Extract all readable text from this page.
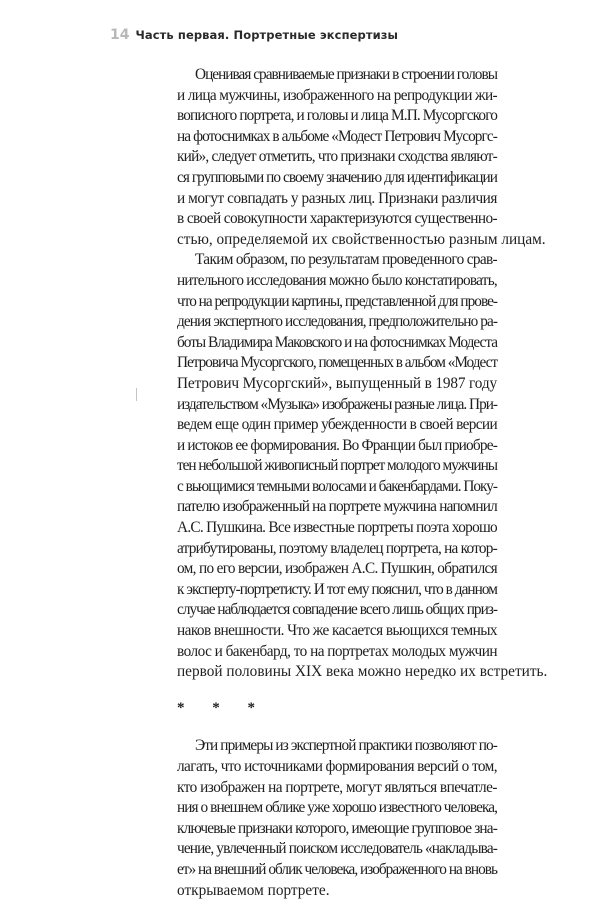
14 Часть первая. Портретные экспертизы

Оценивая сравниваемые признаки в строении головы
и лица мужчины, изображенного на репродукции жи-
вописного портрета, и головы и лица М.П. Мусоргского
на фотоснимках в альбоме «Модест Петрович Мусоргс-
кий», следует отметить, что признаки сходства являют-
ся групповыми по своему значению для идентификации
и могут совпадать у разных лиц. Признаки различия
в своей совокупности характеризуются существенно-
стью, определяемой их свойственностью разным лицам.

Таким образом, по результатам проведенного срав-
нительного исследования можно было констатировать,
что на репродукции картины, представленной для прове-
дения экспертного исследования, предположительно ра-
боты Владимира Маковского и на фотоснимках Модеста
Петровича Мусоргского, помещенных в альбом «Модест
Петрович Мусоргский», выпущенный в 1987 году
издательством «Музыка» изображены разные лица. При-
ведем еще один пример убежденности в своей версии
и истоков ее формирования. Во Франции был приобре-
тен небольшой живописный портрет молодого мужчины
с вьющимися темными волосами и бакенбардами. Поку-
пателю изображенный на портрете мужчина напомнил
А.С. Пушкина. Все известные портреты поэта хорошо
атрибутированы, поэтому владелец портрета, на котор-
ом, по его версии, изображен А.С. Пушкин, обратился
к эксперту-портретисту. И тот ему пояснил, что в данном
случае наблюдается совпадение всего лишь общих приз-
наков внешности. Что же касается вьющихся темных
волос и бакенбард, то на портретах молодых мужчин
первой половины XIX века можно нередко их встретить.

* * *

Эти примеры из экспертной практики позволяют по-
лагать, что источниками формирования версий о том,
кто изображен на портрете, могут являться впечатле-
ния о внешнем облике уже хорошо известного человека,
ключевые признаки которого, имеющие групповое зна-
чение, увлеченный поиском исследователь «накладыва-
ет» на внешний облик человека, изображенного на вновь
открываемом портрете.
